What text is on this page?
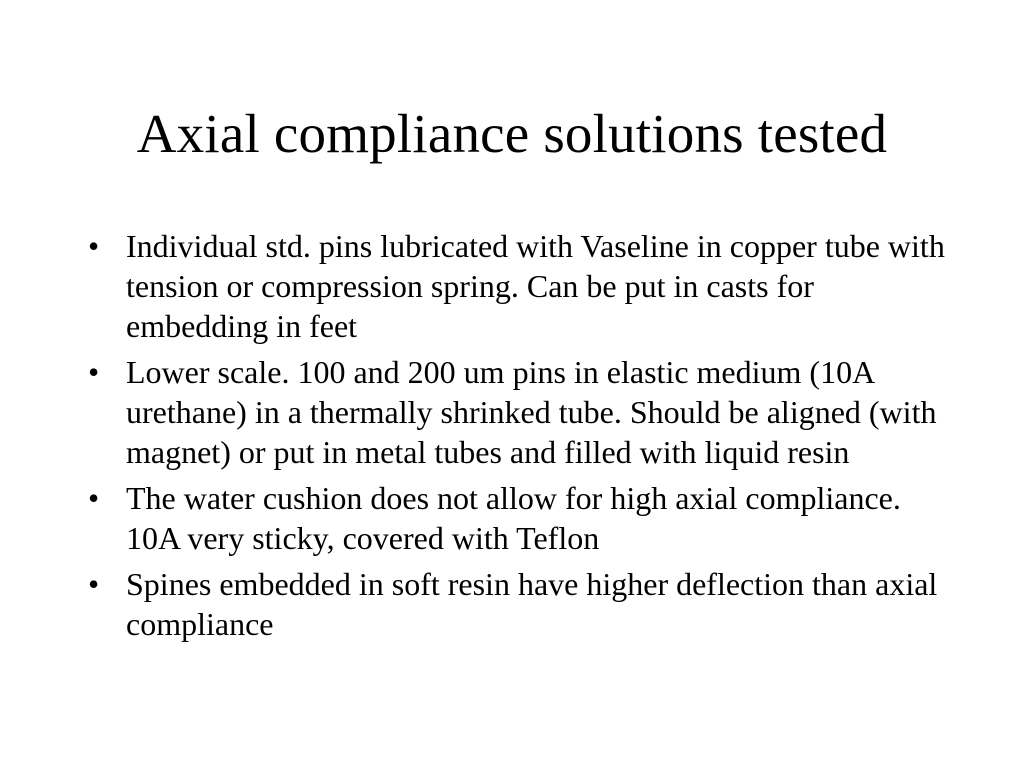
Axial compliance solutions tested
• Individual std. pins lubricated with Vaseline in copper tube with tension or compression spring. Can be put in casts for embedding in feet
• Lower scale. 100 and 200 um pins in elastic medium (10A urethane) in a thermally shrinked tube. Should be aligned (with magnet) or put in metal tubes and filled with liquid resin
• The water cushion does not allow for high axial compliance. 10A very sticky, covered with Teflon
• Spines embedded in soft resin have higher deflection than axial compliance
